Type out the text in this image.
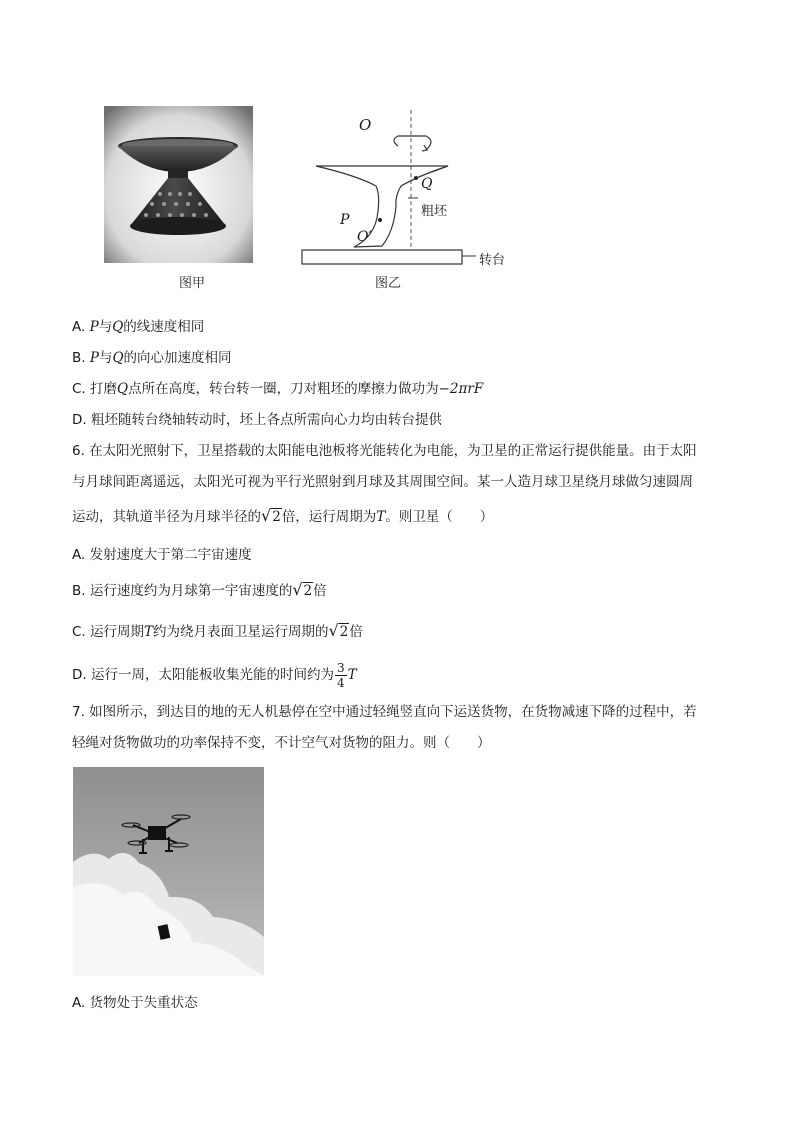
图甲
O
Q
粗坯
P
O′
转台
图乙
A. P与Q的线速度相同
B. P与Q的向心加速度相同
C. 打磨Q点所在高度，转台转一圈，刀对粗坯的摩擦力做功为−2πrF
D. 粗坯随转台绕轴转动时，坯上各点所需向心力均由转台提供
6. 在太阳光照射下，卫星搭载的太阳能电池板将光能转化为电能，为卫星的正常运行提供能量。由于太阳
与月球间距离遥远，太阳光可视为平行光照射到月球及其周围空间。某一人造月球卫星绕月球做匀速圆周
运动，其轨道半径为月球半径的√2倍，运行周期为T。则卫星（　　）
A. 发射速度大于第二宇宙速度
B. 运行速度约为月球第一宇宙速度的√2倍
C. 运行周期T约为绕月表面卫星运行周期的√2倍
D. 运行一周，太阳能板收集光能的时间约为 $\frac{3}{4}$ T
7. 如图所示，到达目的地的无人机悬停在空中通过轻绳竖直向下运送货物，在货物减速下降的过程中，若
轻绳对货物做功的功率保持不变，不计空气对货物的阻力。则（　　）
A. 货物处于失重状态
